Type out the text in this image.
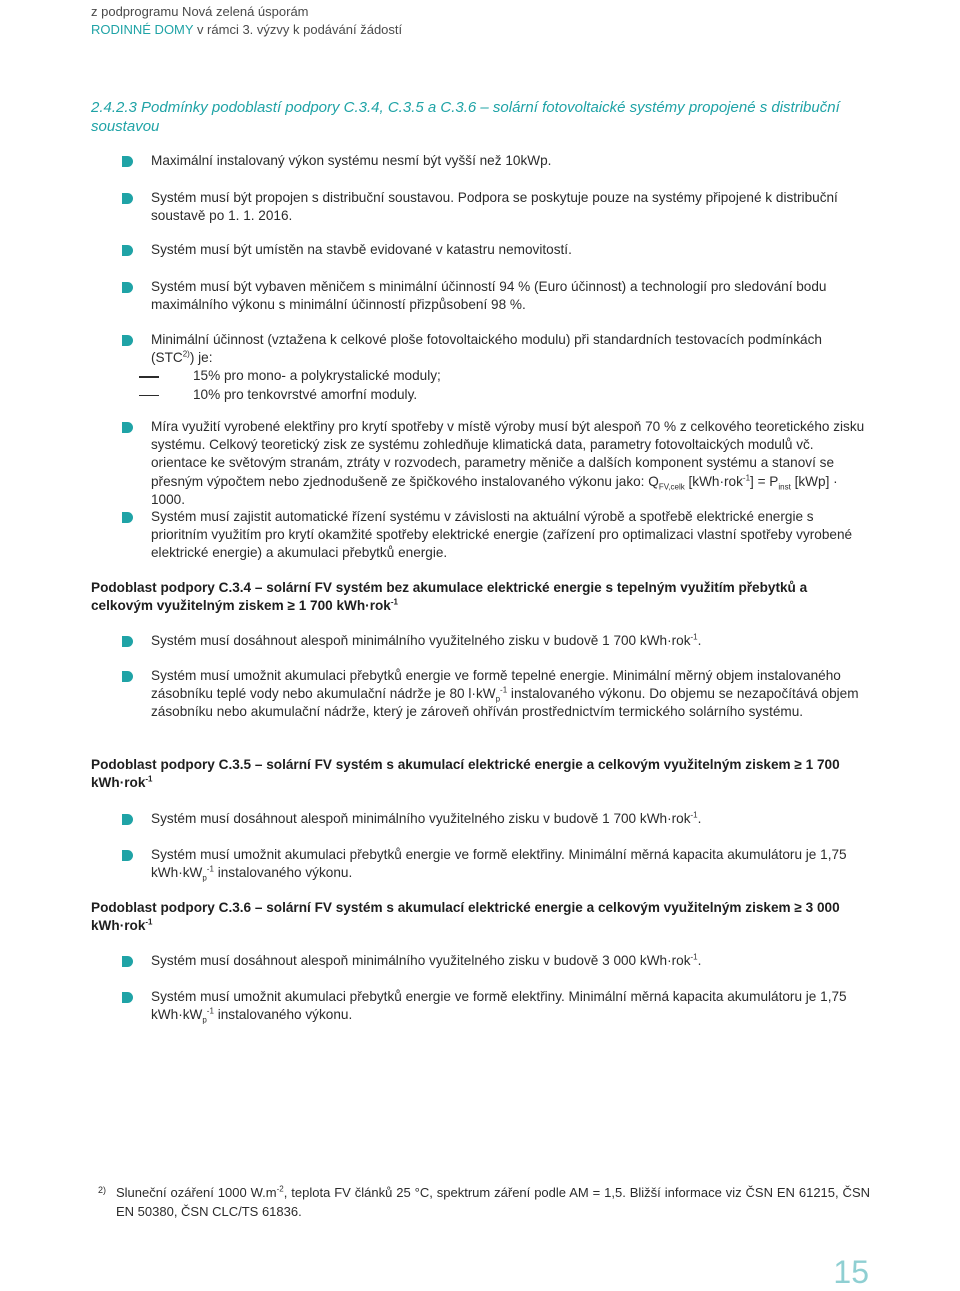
z podprogramu Nová zelená úsporám
RODINNÉ DOMY v rámci 3. výzvy k podávání žádostí
2.4.2.3 Podmínky podoblastí podpory C.3.4, C.3.5 a C.3.6 – solární fotovoltaické systémy propojené s distribuční soustavou
Maximální instalovaný výkon systému nesmí být vyšší než 10kWp.
Systém musí být propojen s distribuční soustavou. Podpora se poskytuje pouze na systémy připojené k distribuční soustavě po 1. 1. 2016.
Systém musí být umístěn na stavbě evidované v katastru nemovitostí.
Systém musí být vybaven měničem s minimální účinností 94 % (Euro účinnost) a technologií pro sledování bodu maximálního výkonu s minimální účinností přizpůsobení 98 %.
Minimální účinnost (vztažena k celkové ploše fotovoltaického modulu) při standardních testovacích podmínkách (STC$^{2)}$) je:
15% pro mono- a polykrystalické moduly;
10% pro tenkovrstvé amorfní moduly.
Míra využití vyrobené elektřiny pro krytí spotřeby v místě výroby musí být alespoň 70 % z celkového teoretického zisku systému. Celkový teoretický zisk ze systému zohledňuje klimatická data, parametry fotovoltaických modulů vč. orientace ke světovým stranám, ztráty v rozvodech, parametry měniče a dalších komponent systému a stanoví se přesným výpočtem nebo zjednodušeně ze špičkového instalovaného výkonu jako: $Q_{FV,celk}$ $[kWh\cdot rok^{-1}] = P_{inst}$ [kWp] · 1000.
Systém musí zajistit automatické řízení systému v závislosti na aktuální výrobě a spotřebě elektrické energie s prioritním využitím pro krytí okamžité spotřeby elektrické energie (zařízení pro optimalizaci vlastní spotřeby vyrobené elektrické energie) a akumulaci přebytků energie.
Podoblast podpory C.3.4 – solární FV systém bez akumulace elektrické energie s tepelným využitím přebytků a celkovým využitelným ziskem ≥ 1 700 kWh·rok$^{-1}$
Systém musí dosáhnout alespoň minimálního využitelného zisku v budově 1 700 kWh·rok$^{-1}$.
Systém musí umožnit akumulaci přebytků energie ve formě tepelné energie. Minimální měrný objem instalovaného zásobníku teplé vody nebo akumulační nádrže je 80 $l\cdot kW_p^{-1}$ instalovaného výkonu. Do objemu se nezapočítává objem zásobníku nebo akumulační nádrže, který je zároveň ohříván prostřednictvím termického solárního systému.
Podoblast podpory C.3.5 – solární FV systém s akumulací elektrické energie a celkovým využitelným ziskem ≥ 1 700 kWh·rok$^{-1}$
Systém musí dosáhnout alespoň minimálního využitelného zisku v budově 1 700 kWh·rok$^{-1}$.
Systém musí umožnit akumulaci přebytků energie ve formě elektřiny. Minimální měrná kapacita akumulátoru je 1,75 $kWh\cdot kW_p^{-1}$ instalovaného výkonu.
Podoblast podpory C.3.6 – solární FV systém s akumulací elektrické energie a celkovým využitelným ziskem ≥ 3 000 kWh·rok$^{-1}$
Systém musí dosáhnout alespoň minimálního využitelného zisku v budově 3 000 kWh·rok$^{-1}$.
Systém musí umožnit akumulaci přebytků energie ve formě elektřiny. Minimální měrná kapacita akumulátoru je 1,75 $kWh\cdot kW_p^{-1}$ instalovaného výkonu.
2) Sluneční ozáření 1000 $W.m^{-2}$, teplota FV článků 25 °C, spektrum záření podle AM = 1,5. Bližší informace viz ČSN EN 61215, ČSN EN 50380, ČSN CLC/TS 61836.
15
